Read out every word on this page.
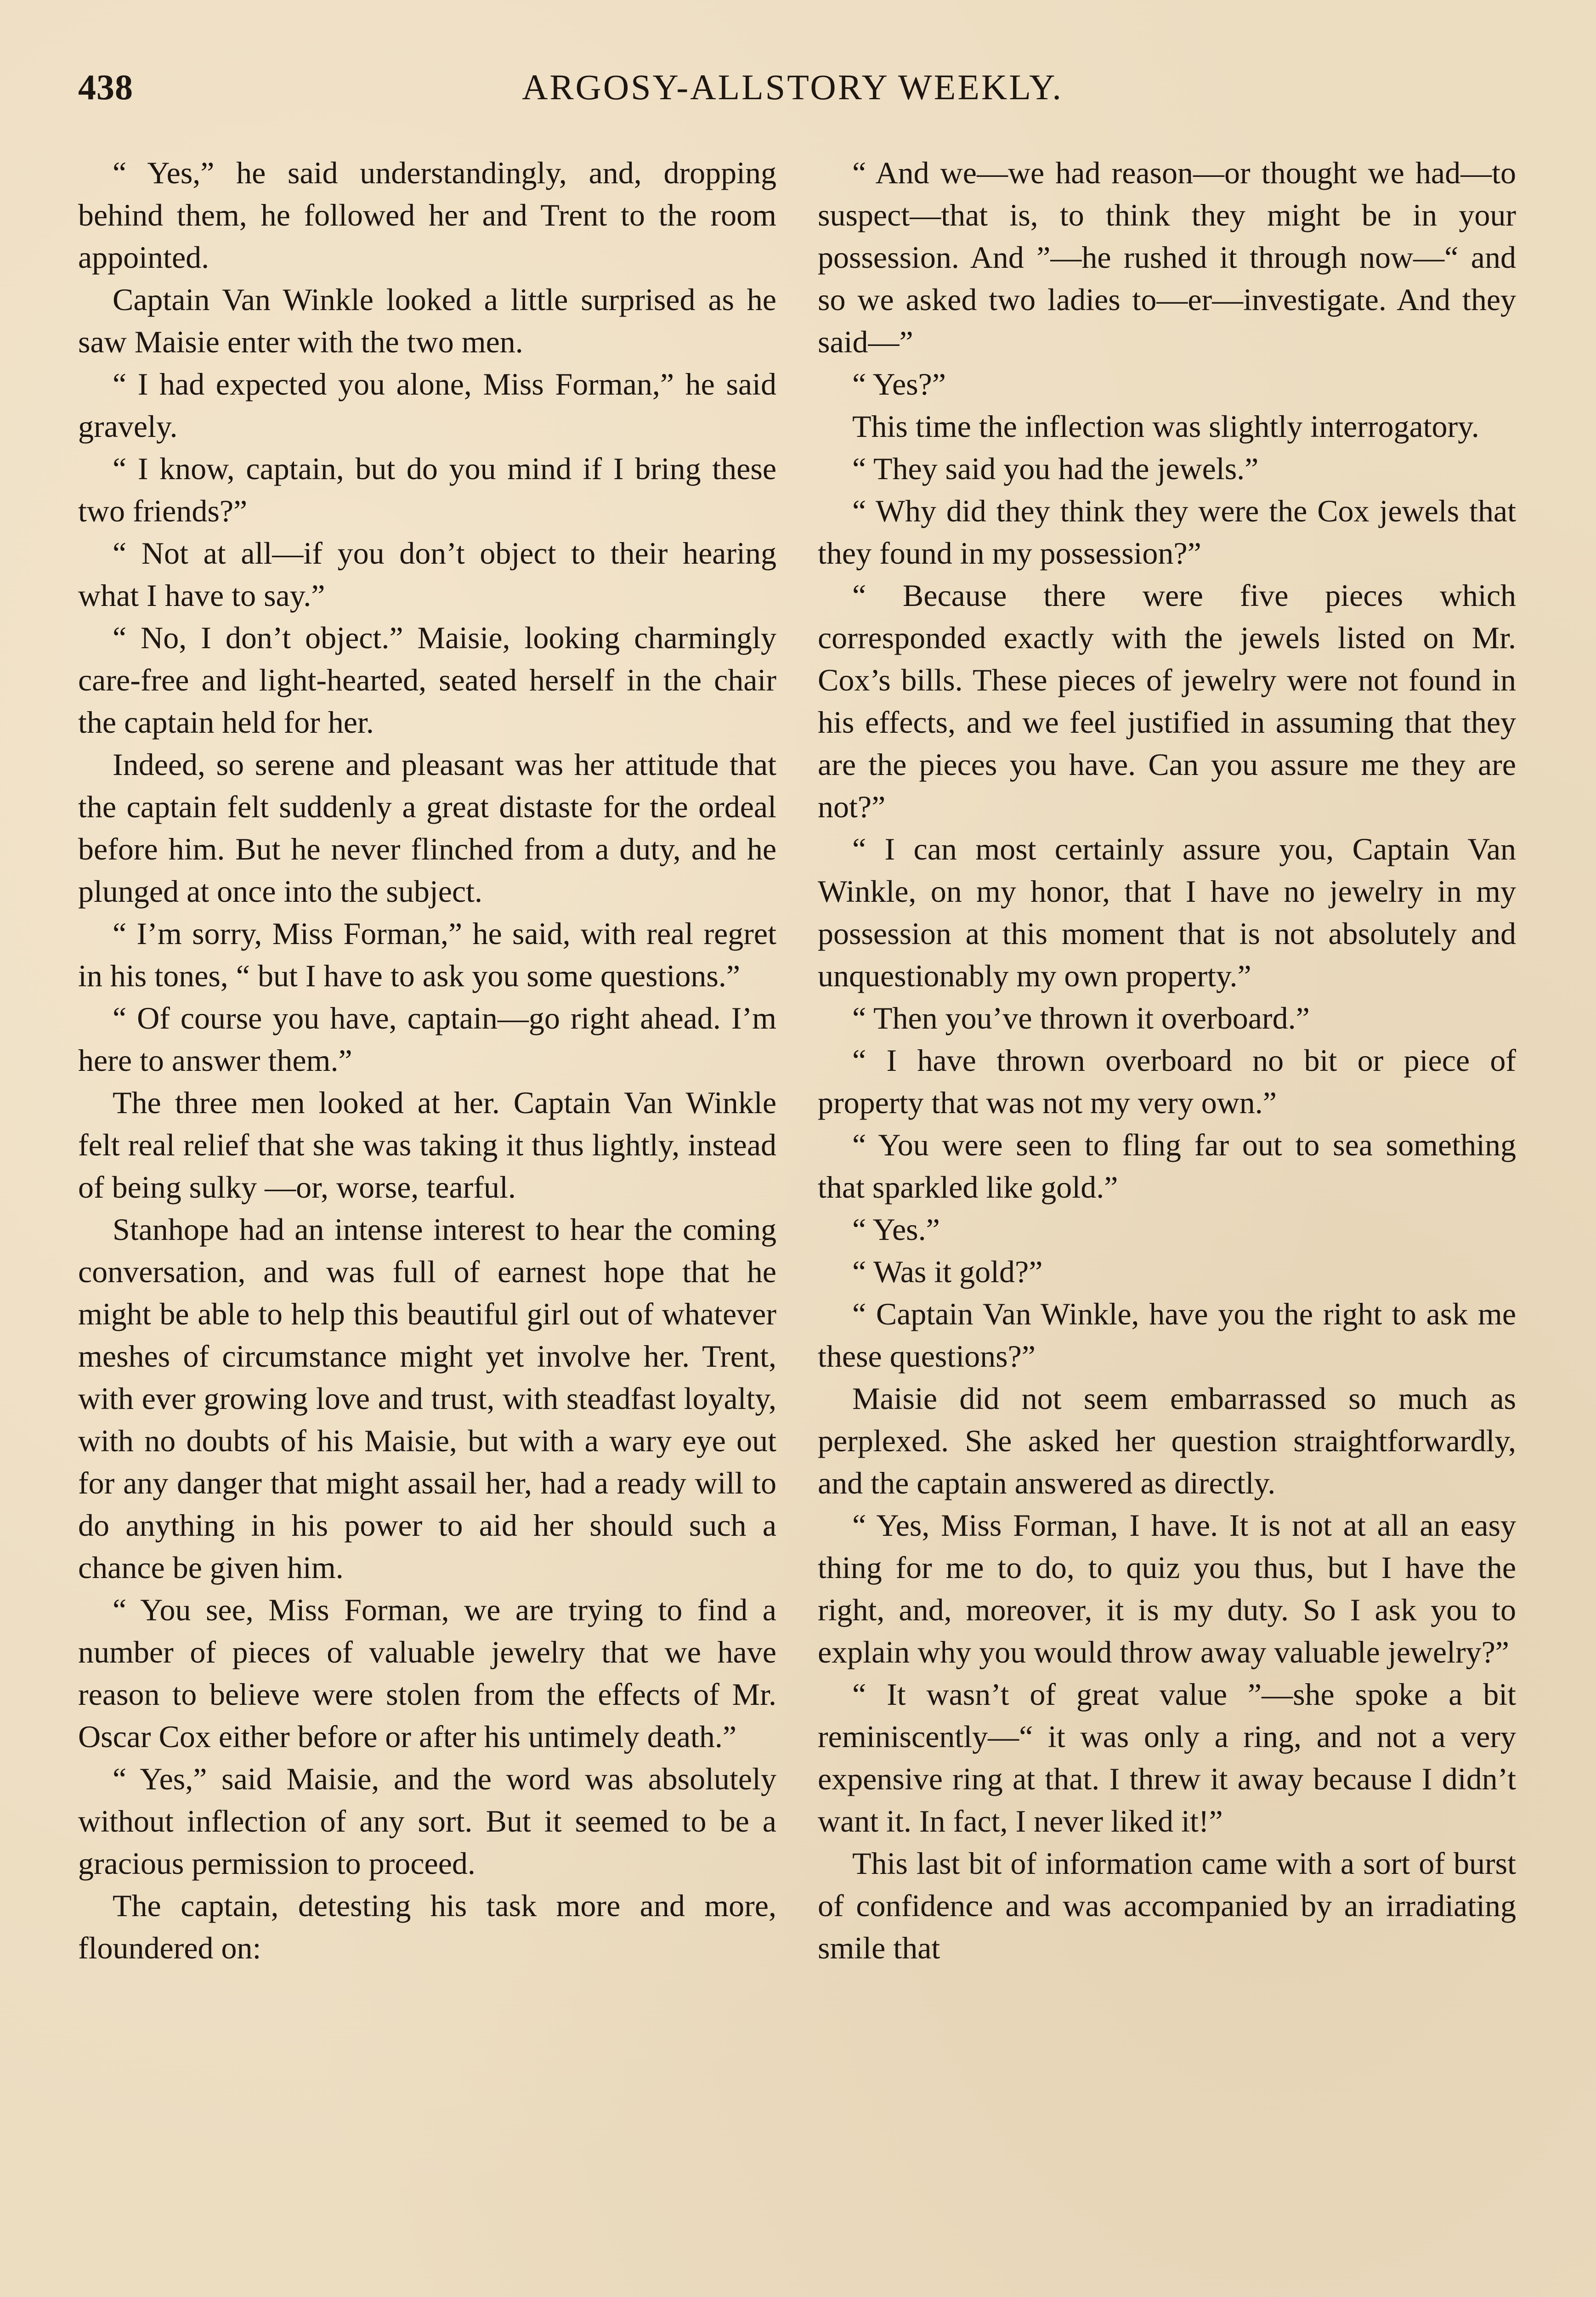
438	ARGOSY-ALLSTORY WEEKLY.

“ Yes,” he said understandingly, and, dropping behind them, he followed her and Trent to the room appointed.

Captain Van Winkle looked a little surprised as he saw Maisie enter with the two men.

“ I had expected you alone, Miss Forman,” he said gravely.

“ I know, captain, but do you mind if I bring these two friends?”

“ Not at all—if you don’t object to their hearing what I have to say.”

“ No, I don’t object.” Maisie, looking charmingly care-free and light-hearted, seated herself in the chair the captain held for her.

Indeed, so serene and pleasant was her attitude that the captain felt suddenly a great distaste for the ordeal before him. But he never flinched from a duty, and he plunged at once into the subject.

“ I’m sorry, Miss Forman,” he said, with real regret in his tones, “ but I have to ask you some questions.”

“ Of course you have, captain—go right ahead. I’m here to answer them.”

The three men looked at her. Captain Van Winkle felt real relief that she was taking it thus lightly, instead of being sulky —or, worse, tearful.

Stanhope had an intense interest to hear the coming conversation, and was full of earnest hope that he might be able to help this beautiful girl out of whatever meshes of circumstance might yet involve her. Trent, with ever growing love and trust, with steadfast loyalty, with no doubts of his Maisie, but with a wary eye out for any danger that might assail her, had a ready will to do anything in his power to aid her should such a chance be given him.

“ You see, Miss Forman, we are trying to find a number of pieces of valuable jewelry that we have reason to believe were stolen from the effects of Mr. Oscar Cox either before or after his untimely death.”

“ Yes,” said Maisie, and the word was absolutely without inflection of any sort. But it seemed to be a gracious permission to proceed.

The captain, detesting his task more and more, floundered on:

“ And we—we had reason—or thought we had—to suspect—that is, to think they might be in your possession. And ”—he rushed it through now—“ and so we asked two ladies to—er—investigate. And they said—”

“ Yes?”

This time the inflection was slightly interrogatory.

“ They said you had the jewels.”

“ Why did they think they were the Cox jewels that they found in my possession?”

“ Because there were five pieces which corresponded exactly with the jewels listed on Mr. Cox’s bills. These pieces of jewelry were not found in his effects, and we feel justified in assuming that they are the pieces you have. Can you assure me they are not?”

“ I can most certainly assure you, Captain Van Winkle, on my honor, that I have no jewelry in my possession at this moment that is not absolutely and unquestionably my own property.”

“ Then you’ve thrown it overboard.”

“ I have thrown overboard no bit or piece of property that was not my very own.”

“ You were seen to fling far out to sea something that sparkled like gold.”

“ Yes.”

“ Was it gold?”

“ Captain Van Winkle, have you the right to ask me these questions?”

Maisie did not seem embarrassed so much as perplexed. She asked her question straightforwardly, and the captain answered as directly.

“ Yes, Miss Forman, I have. It is not at all an easy thing for me to do, to quiz you thus, but I have the right, and, moreover, it is my duty. So I ask you to explain why you would throw away valuable jewelry?”

“ It wasn’t of great value ”—she spoke a bit reminiscently—“ it was only a ring, and not a very expensive ring at that. I threw it away because I didn’t want it. In fact, I never liked it!”

This last bit of information came with a sort of burst of confidence and was accompanied by an irradiating smile that
